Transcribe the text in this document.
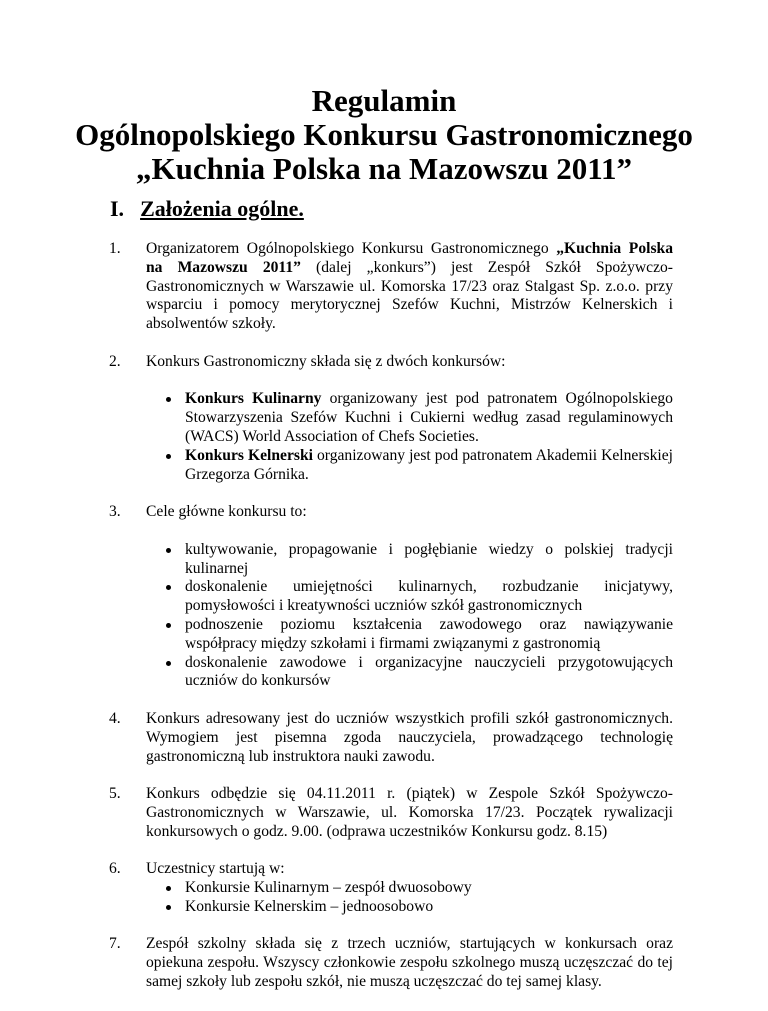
Regulamin

Ogólnopolskiego Konkursu Gastronomicznego

„Kuchnia Polska na Mazowszu 2011”

I. Założenia ogólne.
1. Organizatorem Ogólnopolskiego Konkursu Gastronomicznego „Kuchnia Polska na Mazowszu 2011” (dalej „konkurs”) jest Zespół Szkół Spożywczo-Gastronomicznych w Warszawie ul. Komorska 17/23 oraz Stalgast Sp. z.o.o. przy wsparciu i pomocy merytorycznej Szefów Kuchni, Mistrzów Kelnerskich i absolwentów szkoły.
2. Konkurs Gastronomiczny składa się z dwóch konkursów:
Konkurs Kulinarny organizowany jest pod patronatem Ogólnopolskiego Stowarzyszenia Szefów Kuchni i Cukierni według zasad regulaminowych (WACS) World Association of Chefs Societies.
Konkurs Kelnerski organizowany jest pod patronatem Akademii Kelnerskiej Grzegorza Górnika.
3. Cele główne konkursu to:
kultywowanie, propagowanie i pogłębianie wiedzy o polskiej tradycji kulinarnej
doskonalenie umiejętności kulinarnych, rozbudzanie inicjatywy, pomysłowości i kreatywności uczniów szkół gastronomicznych
podnoszenie poziomu kształcenia zawodowego oraz nawiązywanie współpracy między szkołami i firmami związanymi z gastronomią
doskonalenie zawodowe i organizacyjne nauczycieli przygotowujących uczniów do konkursów
4. Konkurs adresowany jest do uczniów wszystkich profili szkół gastronomicznych. Wymogiem jest pisemna zgoda nauczyciela, prowadzącego technologię gastronomiczną lub instruktora nauki zawodu.
5. Konkurs odbędzie się 04.11.2011 r. (piątek) w Zespole Szkół Spożywczo-Gastronomicznych w Warszawie, ul. Komorska 17/23. Początek rywalizacji konkursowych o godz. 9.00. (odprawa uczestników Konkursu godz. 8.15)
6. Uczestnicy startują w:
Konkursie Kulinarnym – zespół dwuosobowy
Konkursie Kelnerskim – jednoosobowo
7. Zespół szkolny składa się z trzech uczniów, startujących w konkursach oraz opiekuna zespołu. Wszyscy członkowie zespołu szkolnego muszą uczęszczać do tej samej szkoły lub zespołu szkół, nie muszą uczęszczać do tej samej klasy.
